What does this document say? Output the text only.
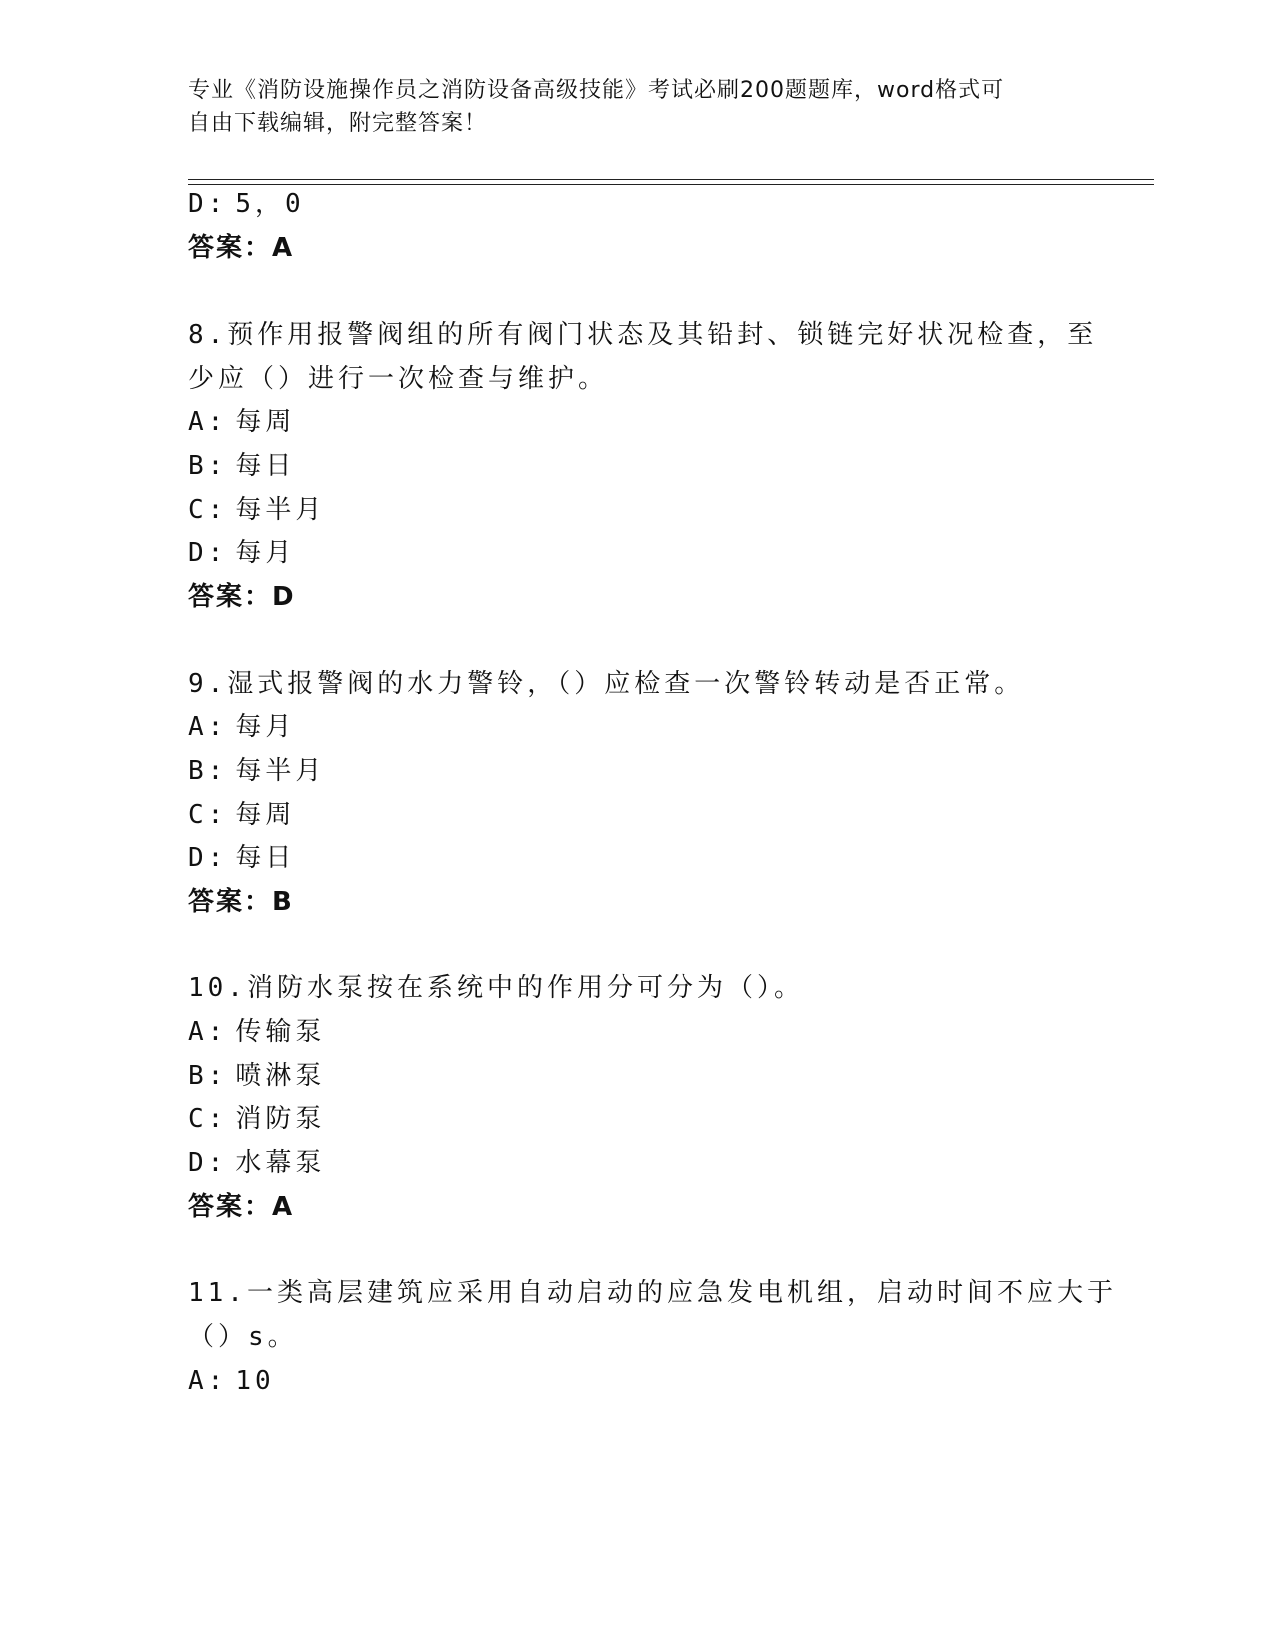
专业《消防设施操作员之消防设备高级技能》考试必刷200题题库，word格式可
自由下载编辑，附完整答案！
D: 5，0
答案：A
8.预作用报警阀组的所有阀门状态及其铅封、锁链完好状况检查，至
少应（）进行一次检查与维护。
A: 每周
B: 每日
C: 每半月
D: 每月
答案：D
9.湿式报警阀的水力警铃，（）应检查一次警铃转动是否正常。
A: 每月
B: 每半月
C: 每周
D: 每日
答案：B
10.消防水泵按在系统中的作用分可分为（）。
A: 传输泵
B: 喷淋泵
C: 消防泵
D: 水幕泵
答案：A
11.一类高层建筑应采用自动启动的应急发电机组，启动时间不应大于
（）s。
A: 10
